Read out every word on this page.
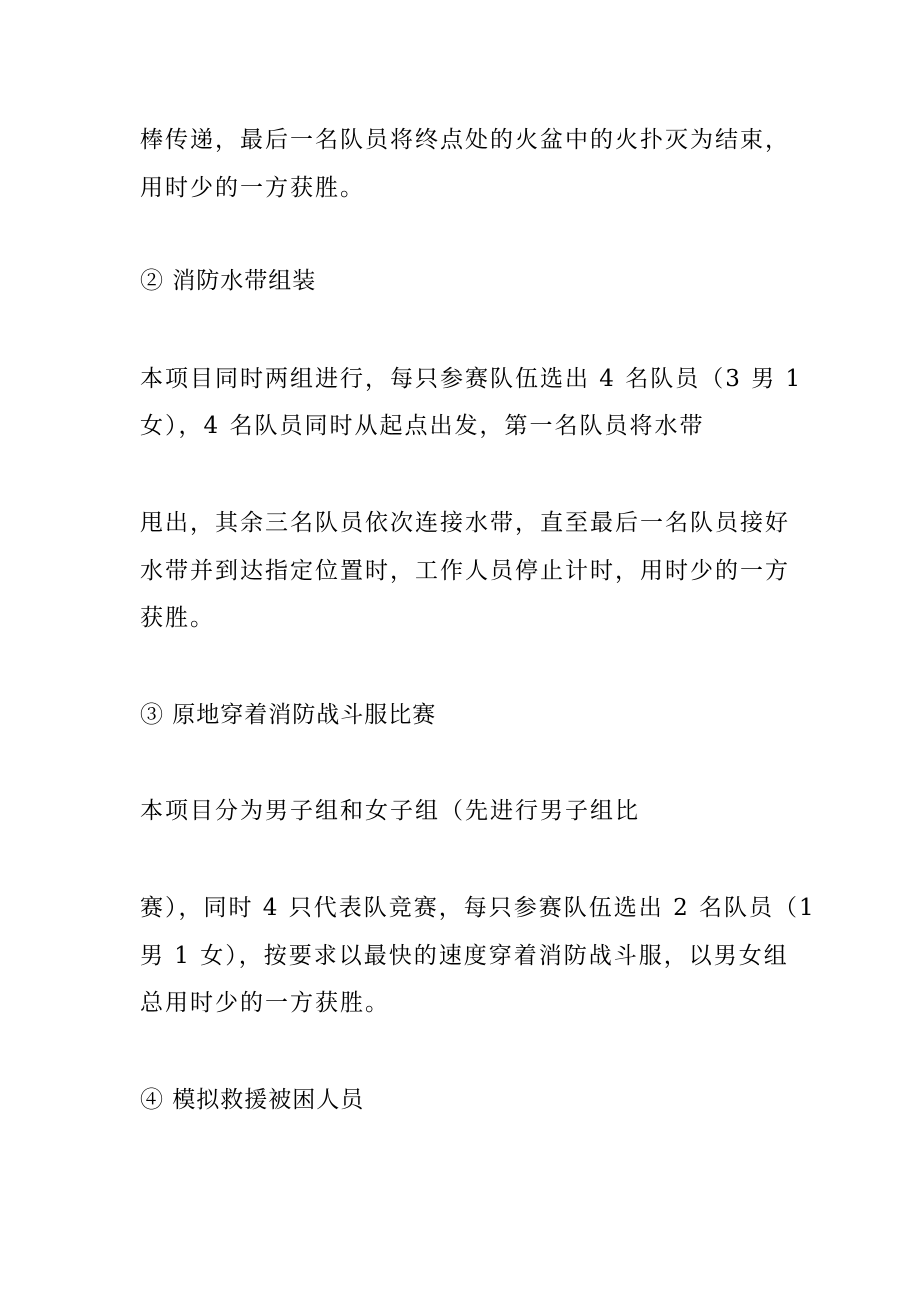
棒传递，最后一名队员将终点处的火盆中的火扑灭为结束，
用时少的一方获胜。
② 消防水带组装
本项目同时两组进行，每只参赛队伍选出 4 名队员（3 男 1
女），4 名队员同时从起点出发，第一名队员将水带
甩出，其余三名队员依次连接水带，直至最后一名队员接好
水带并到达指定位置时，工作人员停止计时，用时少的一方
获胜。
③ 原地穿着消防战斗服比赛
本项目分为男子组和女子组（先进行男子组比
赛），同时 4 只代表队竞赛，每只参赛队伍选出 2 名队员（1
男 1 女），按要求以最快的速度穿着消防战斗服，以男女组
总用时少的一方获胜。
④ 模拟救援被困人员
